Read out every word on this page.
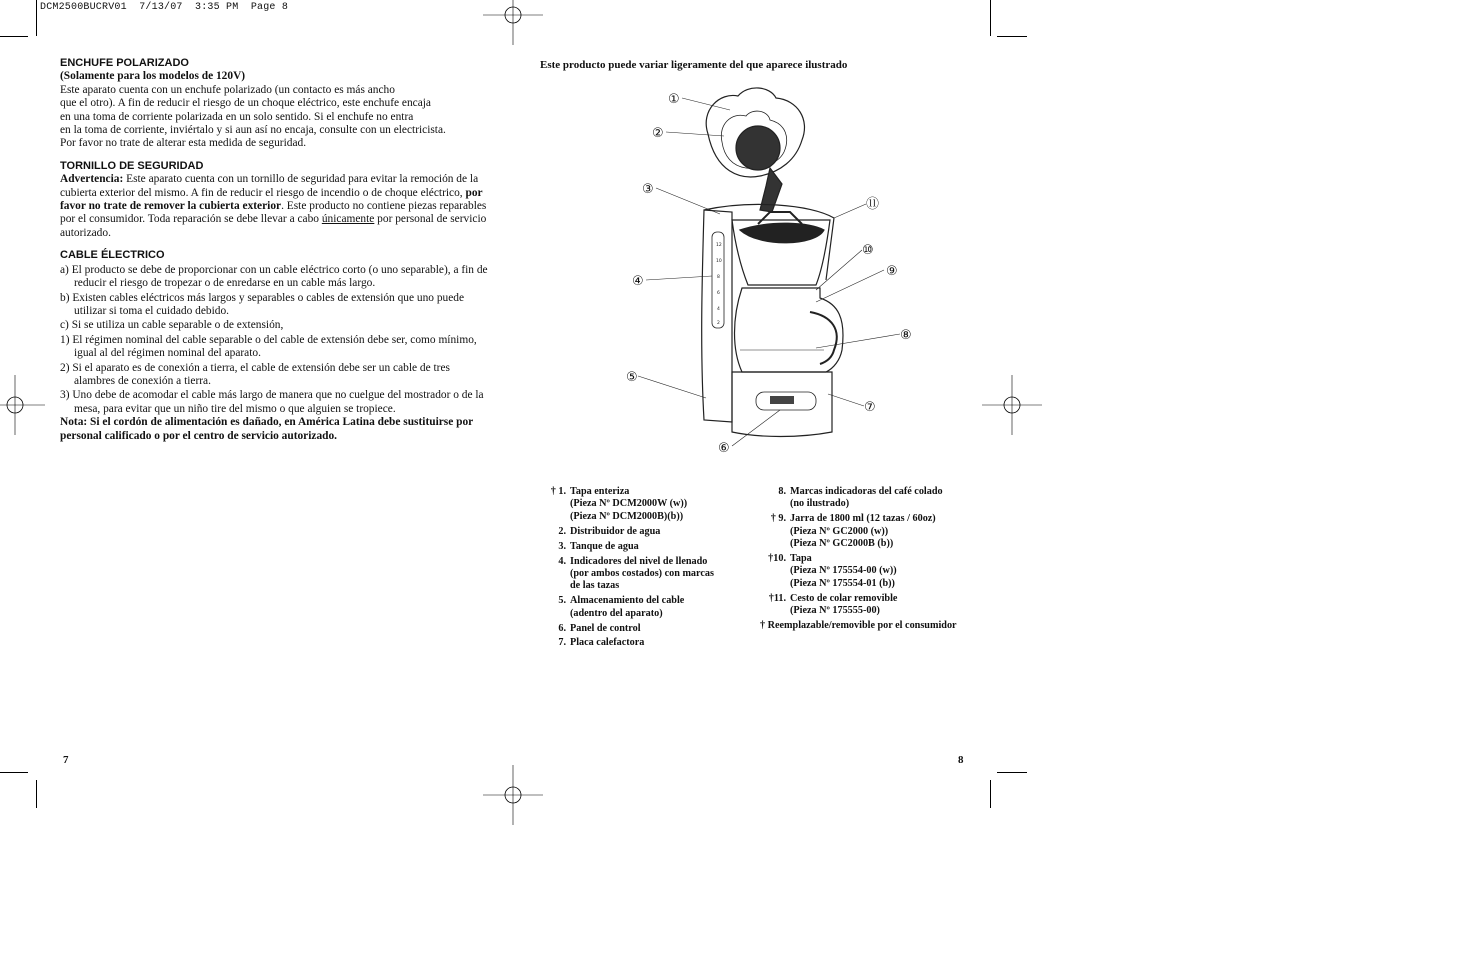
DCM2500BUCRV01  7/13/07  3:35 PM  Page 8
ENCHUFE POLARIZADO
(Solamente para los modelos de 120V)
Este aparato cuenta con un enchufe polarizado (un contacto es más ancho
que el otro). A fin de reducir el riesgo de un choque eléctrico, este enchufe encaja
en una toma de corriente polarizada en un solo sentido. Si el enchufe no entra
en la toma de corriente, inviértalo y si aun así no encaja, consulte con un electricista.
Por favor no trate de alterar esta medida de seguridad.
TORNILLO DE SEGURIDAD
Advertencia: Este aparato cuenta con un tornillo de seguridad para evitar la remoción de la cubierta exterior del mismo. A fin de reducir el riesgo de incendio o de choque eléctrico, por favor no trate de remover la cubierta exterior. Este producto no contiene piezas reparables por el consumidor. Toda reparación se debe llevar a cabo únicamente por personal de servicio autorizado.
CABLE ÉLECTRICO
a) El producto se debe de proporcionar con un cable eléctrico corto (o uno separable), a fin de reducir el riesgo de tropezar o de enredarse en un cable más largo.
b) Existen cables eléctricos más largos y separables o cables de extensión que uno puede utilizar si toma el cuidado debido.
c) Si se utiliza un cable separable o de extensión,
1) El régimen nominal del cable separable o del cable de extensión debe ser, como mínimo, igual al del régimen nominal del aparato.
2) Si el aparato es de conexión a tierra, el cable de extensión debe ser un cable de tres alambres de conexión a tierra.
3) Uno debe de acomodar el cable más largo de manera que no cuelgue del mostrador o de la mesa, para evitar que un niño tire del mismo o que alguien se tropiece.
Nota: Si el cordón de alimentación es dañado, en América Latina debe sustituirse por personal calificado o por el centro de servicio autorizado.
7
Este producto puede variar ligeramente del que aparece ilustrado
①
②
③
④
⑤
⑥
⑦
⑧
⑨
⑩
⑪
12
10
8
6
4
2
† 1. Tapa enteriza
(Pieza Nº DCM2000W (w))
(Pieza Nº DCM2000B)(b))
2. Distribuidor de agua
3. Tanque de agua
4. Indicadores del nivel de llenado
(por ambos costados) con marcas
de las tazas
5. Almacenamiento del cable
(adentro del aparato)
6. Panel de control
7. Placa calefactora
8. Marcas indicadoras del café colado
(no ilustrado)
† 9. Jarra de 1800 ml (12 tazas / 60oz)
(Pieza Nº GC2000 (w))
(Pieza Nº GC2000B (b))
†10. Tapa
(Pieza Nº 175554-00 (w))
(Pieza Nº 175554-01 (b))
†11. Cesto de colar removible
(Pieza Nº 175555-00)
† Reemplazable/removible por el consumidor
8
